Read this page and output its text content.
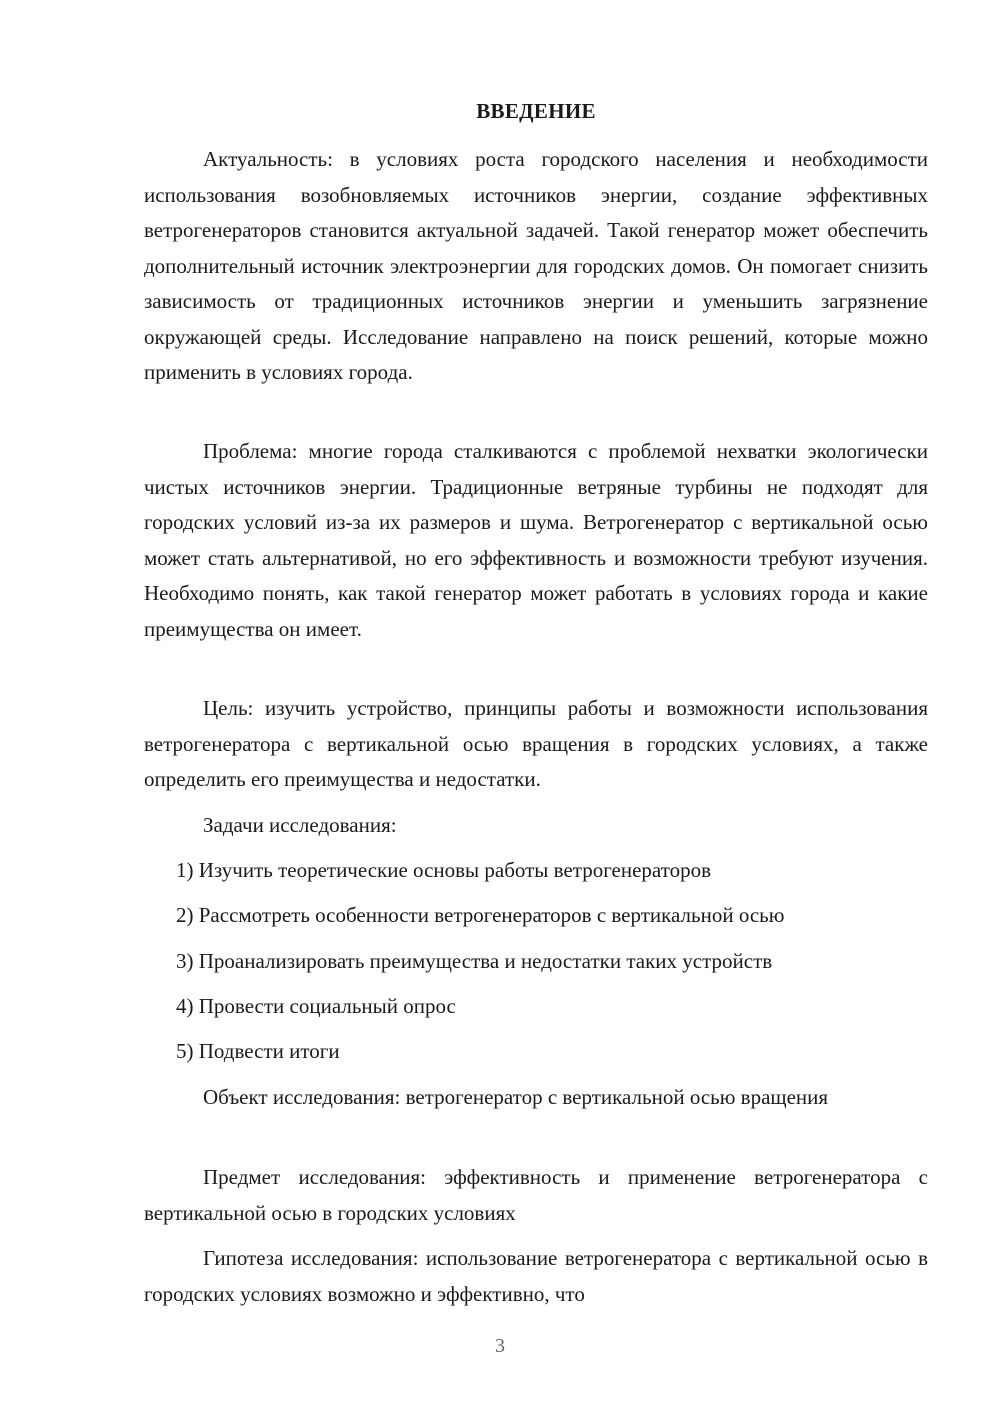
ВВЕДЕНИЕ

Актуальность: в условиях роста городского населения и необходимости использования возобновляемых источников энергии, создание эффективных ветрогенераторов становится актуальной задачей. Такой генератор может обеспечить дополнительный источник электроэнергии для городских домов. Он помогает снизить зависимость от традиционных источников энергии и уменьшить загрязнение окружающей среды. Исследование направлено на поиск решений, которые можно применить в условиях города.

Проблема: многие города сталкиваются с проблемой нехватки экологически чистых источников энергии. Традиционные ветряные турбины не подходят для городских условий из-за их размеров и шума. Ветрогенератор с вертикальной осью может стать альтернативой, но его эффективность и возможности требуют изучения. Необходимо понять, как такой генератор может работать в условиях города и какие преимущества он имеет.

Цель: изучить устройство, принципы работы и возможности использования ветрогенератора с вертикальной осью вращения в городских условиях, а также определить его преимущества и недостатки.

Задачи исследования:

1) Изучить теоретические основы работы ветрогенераторов

2) Рассмотреть особенности ветрогенераторов с вертикальной осью

3) Проанализировать преимущества и недостатки таких устройств

4) Провести социальный опрос

5) Подвести итоги

Объект исследования: ветрогенератор с вертикальной осью вращения

Предмет исследования: эффективность и применение ветрогенератора с вертикальной осью в городских условиях

Гипотеза исследования: использование ветрогенератора с вертикальной осью в городских условиях возможно и эффективно, что

3
